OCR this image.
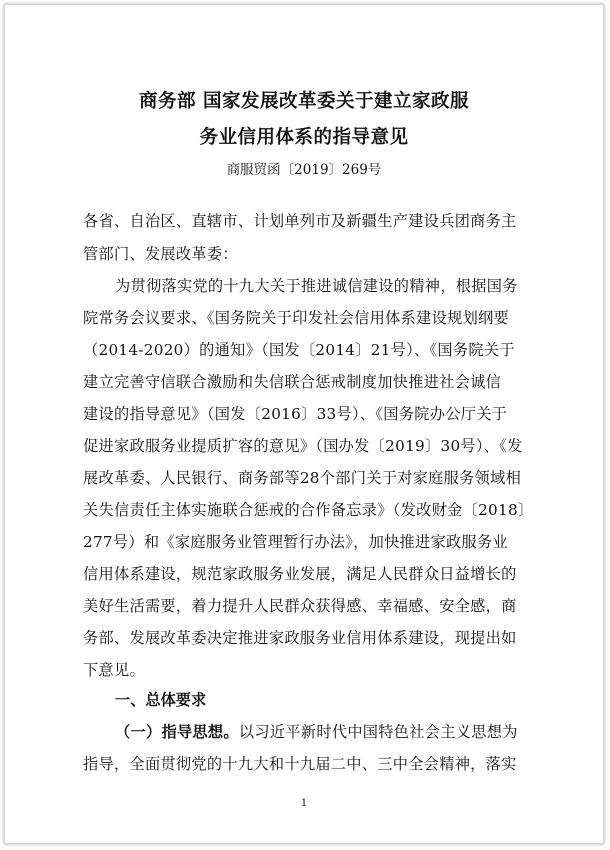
商务部 国家发展改革委关于建立家政服
务业信用体系的指导意见
商服贸函〔2019〕269号
各省、自治区、直辖市、计划单列市及新疆生产建设兵团商务主
管部门、发展改革委：
为贯彻落实党的十九大关于推进诚信建设的精神，根据国务
院常务会议要求、《国务院关于印发社会信用体系建设规划纲要
（2014-2020）的通知》（国发〔2014〕21号）、《国务院关于
建立完善守信联合激励和失信联合惩戒制度加快推进社会诚信
建设的指导意见》（国发〔2016〕33号）、《国务院办公厅关于
促进家政服务业提质扩容的意见》（国办发〔2019〕30号）、《发
展改革委、人民银行、商务部等28个部门关于对家庭服务领域相
关失信责任主体实施联合惩戒的合作备忘录》（发改财金〔2018〕
277号）和《家庭服务业管理暂行办法》，加快推进家政服务业
信用体系建设，规范家政服务业发展，满足人民群众日益增长的
美好生活需要，着力提升人民群众获得感、幸福感、安全感，商
务部、发展改革委决定推进家政服务业信用体系建设，现提出如
下意见。
一、总体要求
（一）指导思想。以习近平新时代中国特色社会主义思想为
指导，全面贯彻党的十九大和十九届二中、三中全会精神，落实
1
